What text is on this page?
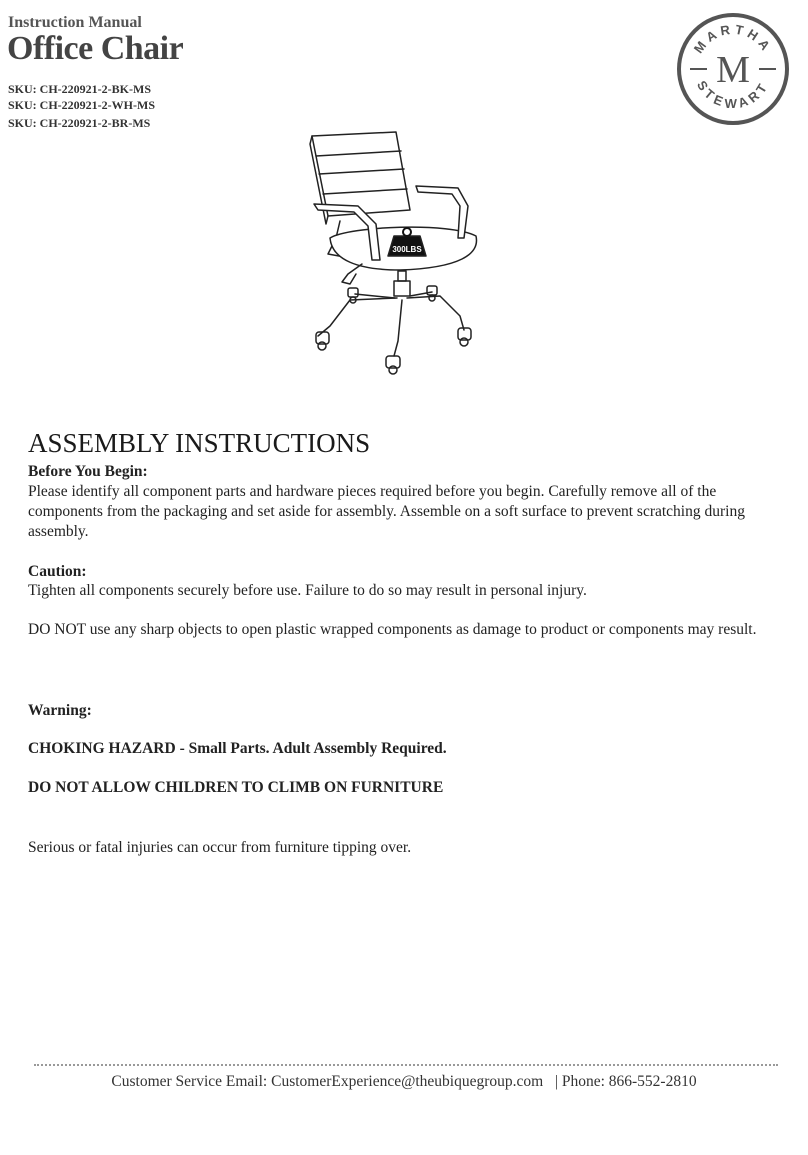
Instruction Manual
Office Chair
SKU: CH-220921-2-BK-MS
SKU: CH-220921-2-WH-MS
SKU: CH-220921-2-BR-MS
M
MARTHA
STEWART
300LBS
ASSEMBLY INSTRUCTIONS
Before You Begin:
Please identify all component parts and hardware pieces required before you begin. Carefully remove all of the components from the packaging and set aside for assembly. Assemble on a soft surface to prevent scratching during assembly.
Caution:
Tighten all components securely before use. Failure to do so may result in personal injury.
DO NOT use any sharp objects to open plastic wrapped components as damage to product or components may result.
Warning:
CHOKING HAZARD - Small Parts. Adult Assembly Required.
DO NOT ALLOW CHILDREN TO CLIMB ON FURNITURE
Serious or fatal injuries can occur from furniture tipping over.
Customer Service Email: CustomerExperience@theubiquegroup.com | Phone: 866-552-2810
